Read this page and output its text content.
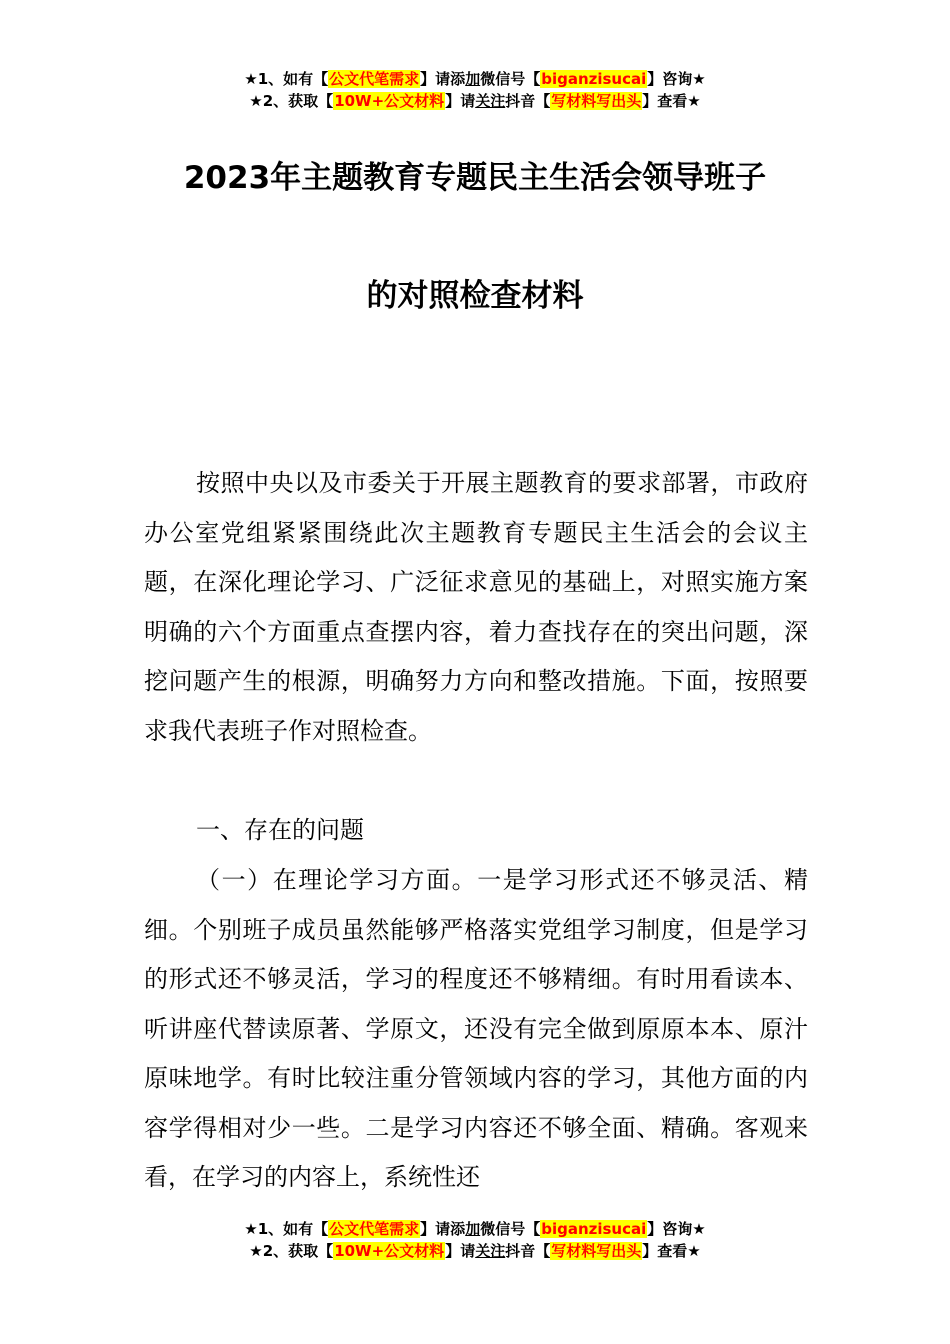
★1、如有【公文代笔需求】请添加微信号【biganzisucai】咨询★
★2、获取【10W+公文材料】请关注抖音【写材料写出头】查看★
2023年主题教育专题民主生活会领导班子
的对照检查材料
按照中央以及市委关于开展主题教育的要求部署，市政府办公室党组紧紧围绕此次主题教育专题民主生活会的会议主题，在深化理论学习、广泛征求意见的基础上，对照实施方案明确的六个方面重点查摆内容，着力查找存在的突出问题，深挖问题产生的根源，明确努力方向和整改措施。下面，按照要求我代表班子作对照检查。
一、存在的问题
（一）在理论学习方面。一是学习形式还不够灵活、精细。个别班子成员虽然能够严格落实党组学习制度，但是学习的形式还不够灵活，学习的程度还不够精细。有时用看读本、听讲座代替读原著、学原文，还没有完全做到原原本本、原汁原味地学。有时比较注重分管领域内容的学习，其他方面的内容学得相对少一些。二是学习内容还不够全面、精确。客观来看，在学习的内容上，系统性还
★1、如有【公文代笔需求】请添加微信号【biganzisucai】咨询★
★2、获取【10W+公文材料】请关注抖音【写材料写出头】查看★
